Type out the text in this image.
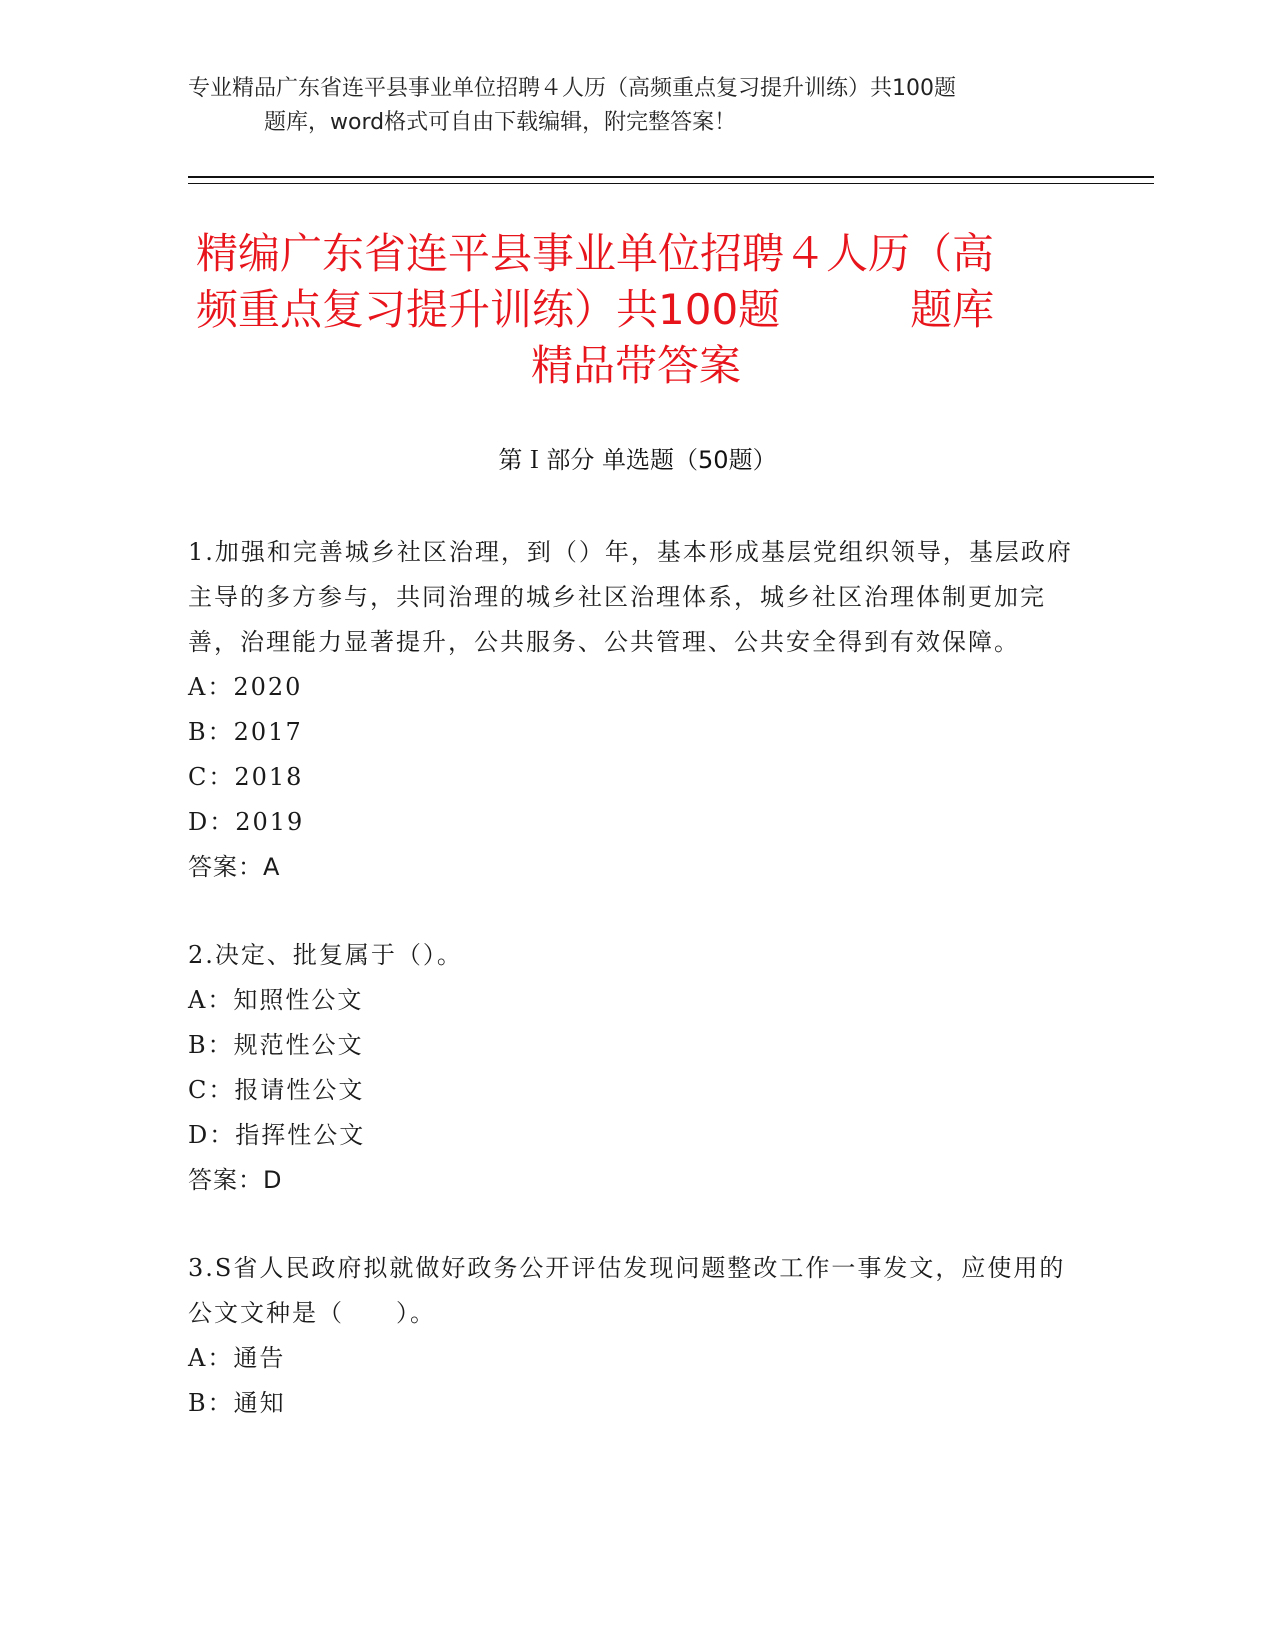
专业精品广东省连平县事业单位招聘４人历（高频重点复习提升训练）共100题
题库，word格式可自由下载编辑，附完整答案！
精编广东省连平县事业单位招聘４人历（高
频重点复习提升训练）共100题	题库
精品带答案
第Ｉ部分 单选题（50题）

1.加强和完善城乡社区治理，到（）年，基本形成基层党组织领导，基层政府主导的多方参与，共同治理的城乡社区治理体系，城乡社区治理体制更加完善，治理能力显著提升，公共服务、公共管理、公共安全得到有效保障。

A：2020

B：2017

C：2018

D：2019

答案：A

2.决定、批复属于（）。

A：知照性公文

B：规范性公文

C：报请性公文

D：指挥性公文

答案：D

3.S省人民政府拟就做好政务公开评估发现问题整改工作一事发文，应使用的公文文种是（　　）。

A：通告

B：通知
